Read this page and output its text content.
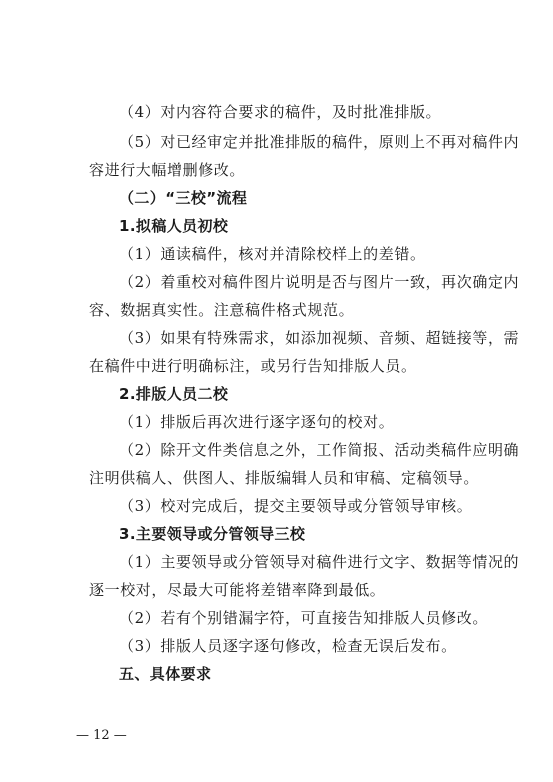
（4）对内容符合要求的稿件，及时批准排版。
（5）对已经审定并批准排版的稿件，原则上不再对稿件内
容进行大幅增删修改。
（二）“三校”流程
1.拟稿人员初校
（1）通读稿件，核对并清除校样上的差错。
（2）着重校对稿件图片说明是否与图片一致，再次确定内
容、数据真实性。注意稿件格式规范。
（3）如果有特殊需求，如添加视频、音频、超链接等，需
在稿件中进行明确标注，或另行告知排版人员。
2.排版人员二校
（1）排版后再次进行逐字逐句的校对。
（2）除开文件类信息之外，工作简报、活动类稿件应明确
注明供稿人、供图人、排版编辑人员和审稿、定稿领导。
（3）校对完成后，提交主要领导或分管领导审核。
3.主要领导或分管领导三校
（1）主要领导或分管领导对稿件进行文字、数据等情况的
逐一校对，尽最大可能将差错率降到最低。
（2）若有个别错漏字符，可直接告知排版人员修改。
（3）排版人员逐字逐句修改，检查无误后发布。
五、具体要求
— 12 —
